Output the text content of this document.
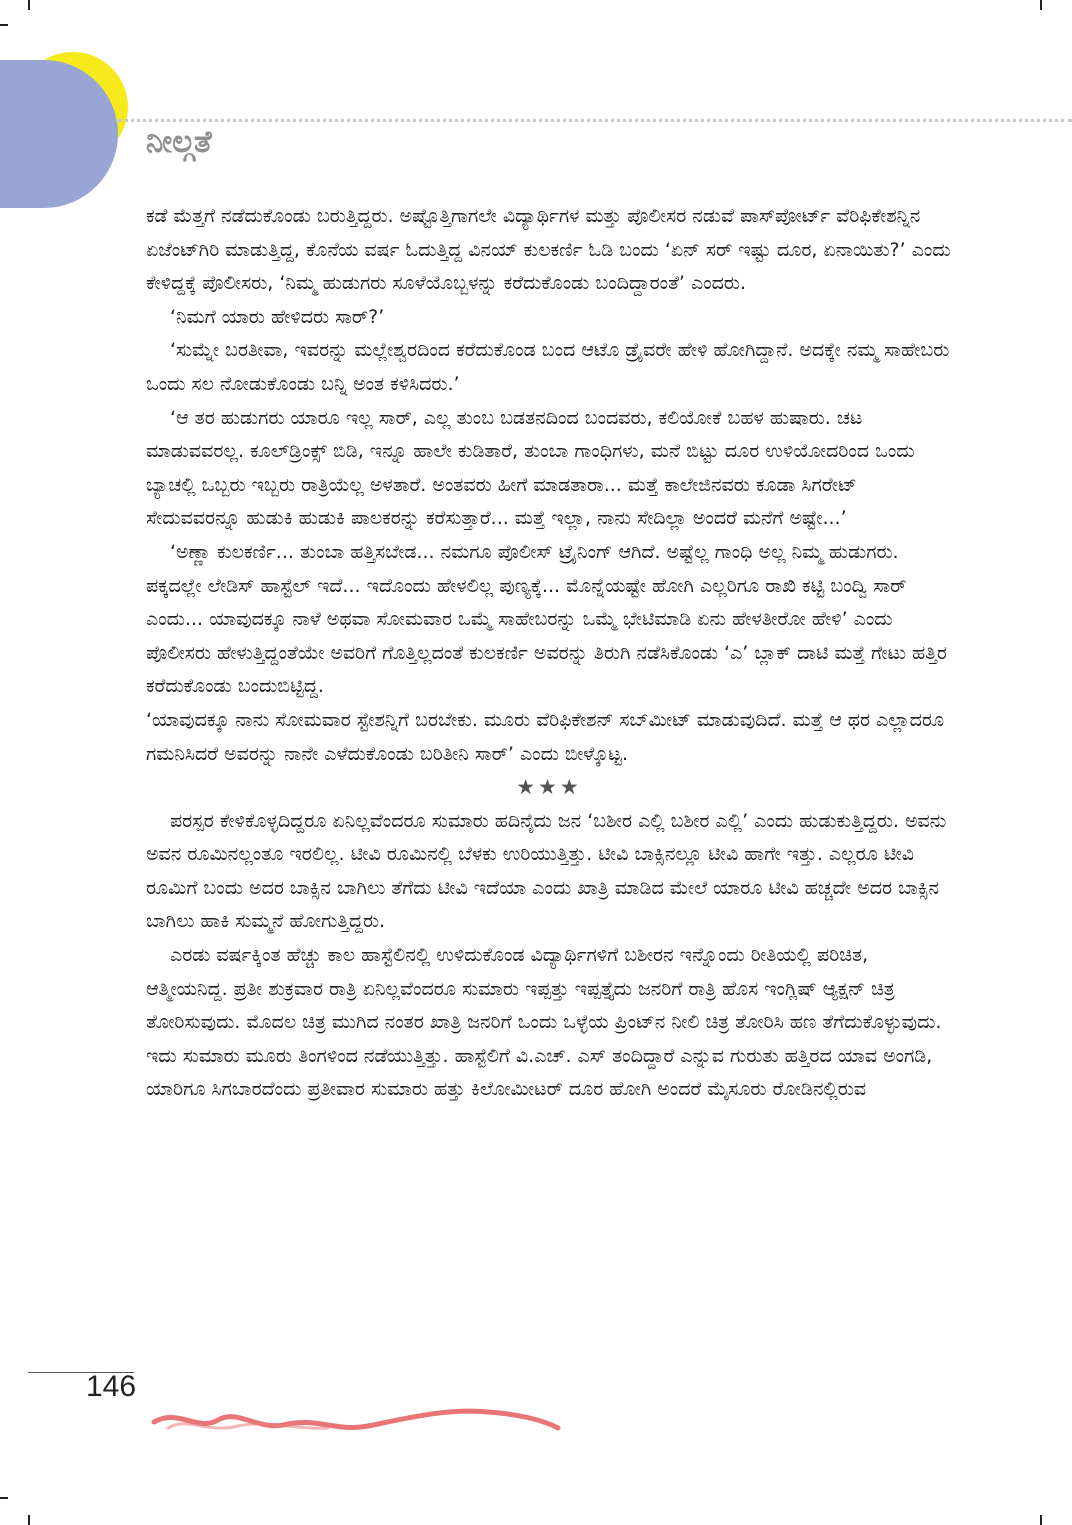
ನೀಲ್ಗತೆ

ಕಡೆ ಮೆತ್ತಗೆ ನಡೆದುಕೊಂಡು ಬರುತ್ತಿದ್ದರು. ಅಷ್ಟೊತ್ತಿಗಾಗಲೇ ವಿದ್ಯಾರ್ಥಿಗಳ ಮತ್ತು ಪೊಲೀಸರ ನಡುವೆ ಪಾಸ್‌ಪೋರ್ಟ್ ವೆರಿಫಿಕೇಶನ್ನಿನ ಏಜೆಂಟ್‌ಗಿರಿ ಮಾಡುತ್ತಿದ್ದ, ಕೊನೆಯ ವರ್ಷ ಓದುತ್ತಿದ್ದ ವಿನಯ್ ಕುಲಕರ್ಣಿ ಓಡಿ ಬಂದು ‘ಏನ್ ಸರ್ ಇಷ್ಟು ದೂರ, ಏನಾಯಿತು?’ ಎಂದು ಕೇಳಿದ್ದಕ್ಕೆ ಪೊಲೀಸರು, ‘ನಿಮ್ಮ ಹುಡುಗರು ಸೂಳೆಯೊಬ್ಬಳನ್ನು ಕರೆದುಕೊಂಡು ಬಂದಿದ್ದಾರಂತೆ’ ಎಂದರು.

‘ನಿಮಗೆ ಯಾರು ಹೇಳಿದರು ಸಾರ್?’

‘ಸುಮ್ನೇ ಬರತೀವಾ, ಇವರನ್ನು ಮಲ್ಲೇಶ್ವರದಿಂದ ಕರೆದುಕೊಂಡ ಬಂದ ಆಟೊ ಡ್ರೈವರೇ ಹೇಳಿ ಹೋಗಿದ್ದಾನೆ. ಅದಕ್ಕೇ ನಮ್ಮ ಸಾಹೇಬರು ಒಂದು ಸಲ ನೋಡುಕೊಂಡು ಬನ್ನಿ ಅಂತ ಕಳಿಸಿದರು.’

‘ಆ ತರ ಹುಡುಗರು ಯಾರೂ ಇಲ್ಲ ಸಾರ್, ಎಲ್ಲ ತುಂಬ ಬಡತನದಿಂದ ಬಂದವರು, ಕಲಿಯೋಕೆ ಬಹಳ ಹುಷಾರು. ಚಟ ಮಾಡುವವರಲ್ಲ. ಕೂಲ್‌ಡ್ರಿಂಕ್ಸ್ ಬಿಡಿ, ಇನ್ನೂ ಹಾಲೇ ಕುಡಿತಾರೆ, ತುಂಬಾ ಗಾಂಧಿಗಳು, ಮನೆ ಬಿಟ್ಟು ದೂರ ಉಳಿಯೋದರಿಂದ ಒಂದು ಬ್ಯಾಚಲ್ಲಿ ಒಬ್ಬರು ಇಬ್ಬರು ರಾತ್ರಿಯೆಲ್ಲ ಅಳತಾರೆ. ಅಂತವರು ಹೀಗೆ ಮಾಡತಾರಾ... ಮತ್ತೆ ಕಾಲೇಜಿನವರು ಕೂಡಾ ಸಿಗರೇಟ್ ಸೇದುವವರನ್ನೂ ಹುಡುಕಿ ಹುಡುಕಿ ಪಾಲಕರನ್ನು ಕರೆಸುತ್ತಾರೆ... ಮತ್ತೆ ಇಲ್ಲಾ, ನಾನು ಸೇದಿಲ್ಲಾ ಅಂದರೆ ಮನೆಗೆ ಅಷ್ಟೇ...’

‘ಅಣ್ಣಾ ಕುಲಕರ್ಣಿ... ತುಂಬಾ ಹತ್ತಿಸಬೇಡ... ನಮಗೂ ಪೊಲೀಸ್ ಟ್ರೈನಿಂಗ್ ಆಗಿದೆ. ಅಷ್ಟೆಲ್ಲ ಗಾಂಧಿ ಅಲ್ಲ ನಿಮ್ಮ ಹುಡುಗರು. ಪಕ್ಕದಲ್ಲೇ ಲೇಡಿಸ್ ಹಾಸ್ಟೆಲ್ ಇದೆ... ಇದೊಂದು ಹೇಳಲಿಲ್ಲ ಪುಣ್ಯಕ್ಕೆ... ಮೊನ್ನೆಯಷ್ಟೇ ಹೋಗಿ ಎಲ್ಲರಿಗೂ ರಾಖಿ ಕಟ್ಟಿ ಬಂದ್ವಿ ಸಾರ್ ಎಂದು... ಯಾವುದಕ್ಕೂ ನಾಳೆ ಅಥವಾ ಸೋಮವಾರ ಒಮ್ಮೆ ಸಾಹೇಬರನ್ನು ಒಮ್ಮೆ ಭೇಟಿಮಾಡಿ ಏನು ಹೇಳತೀರೋ ಹೇಳಿ’ ಎಂದು ಪೊಲೀಸರು ಹೇಳುತ್ತಿದ್ದಂತೆಯೇ ಅವರಿಗೆ ಗೊತ್ತಿಲ್ಲದಂತೆ ಕುಲಕರ್ಣಿ ಅವರನ್ನು ತಿರುಗಿ ನಡೆಸಿಕೊಂಡು ‘ಎ’ ಬ್ಲಾಕ್ ದಾಟಿ ಮತ್ತೆ ಗೇಟು ಹತ್ತಿರ ಕರೆದುಕೊಂಡು ಬಂದುಬಿಟ್ಟಿದ್ದ.

‘ಯಾವುದಕ್ಕೂ ನಾನು ಸೋಮವಾರ ಸ್ಟೇಶನ್ನಿಗೆ ಬರಬೇಕು. ಮೂರು ವೆರಿಫಿಕೇಶನ್ ಸಬ್‌ಮೀಟ್ ಮಾಡುವುದಿದೆ. ಮತ್ತೆ ಆ ಥರ ಎಲ್ಲಾದರೂ ಗಮನಿಸಿದರೆ ಅವರನ್ನು ನಾನೇ ಎಳೆದುಕೊಂಡು ಬರಿತೀನಿ ಸಾರ್’ ಎಂದು ಬೀಳ್ಕೊಟ್ಟ.

★★★

ಪರಸ್ಪರ ಕೇಳಿಕೊಳ್ಳದಿದ್ದರೂ ಏನಿಲ್ಲವೆಂದರೂ ಸುಮಾರು ಹದಿನೈದು ಜನ ‘ಬಶೀರ ಎಲ್ಲಿ ಬಶೀರ ಎಲ್ಲಿ’ ಎಂದು ಹುಡುಕುತ್ತಿದ್ದರು. ಅವನು ಅವನ ರೂಮಿನಲ್ಲಂತೂ ಇರಲಿಲ್ಲ. ಟೀವಿ ರೂಮಿನಲ್ಲಿ ಬೆಳಕು ಉರಿಯುತ್ತಿತ್ತು. ಟೀವಿ ಬಾಕ್ಸಿನಲ್ಲೂ ಟೀವಿ ಹಾಗೇ ಇತ್ತು. ಎಲ್ಲರೂ ಟೀವಿ ರೂಮಿಗೆ ಬಂದು ಅದರ ಬಾಕ್ಸಿನ ಬಾಗಿಲು ತೆಗೆದು ಟೀವಿ ಇದೆಯಾ ಎಂದು ಖಾತ್ರಿ ಮಾಡಿದ ಮೇಲೆ ಯಾರೂ ಟೀವಿ ಹಚ್ಚದೇ ಅದರ ಬಾಕ್ಸಿನ ಬಾಗಿಲು ಹಾಕಿ ಸುಮ್ಮನೆ ಹೋಗುತ್ತಿದ್ದರು.

ಎರಡು ವರ್ಷಕ್ಕಿಂತ ಹೆಚ್ಚು ಕಾಲ ಹಾಸ್ಟೆಲಿನಲ್ಲಿ ಉಳಿದುಕೊಂಡ ವಿದ್ಯಾರ್ಥಿಗಳಿಗೆ ಬಶೀರನ ಇನ್ನೊಂದು ರೀತಿಯಲ್ಲಿ ಪರಿಚಿತ, ಆತ್ಮೀಯನಿದ್ದ. ಪ್ರತೀ ಶುಕ್ರವಾರ ರಾತ್ರಿ ಏನಿಲ್ಲವೆಂದರೂ ಸುಮಾರು ಇಪ್ಪತ್ತು ಇಪ್ಪತ್ತೈದು ಜನರಿಗೆ ರಾತ್ರಿ ಹೊಸ ಇಂಗ್ಲಿಷ್ ಆ್ಯಕ್ಷನ್ ಚಿತ್ರ ತೋರಿಸುವುದು. ಮೊದಲ ಚಿತ್ರ ಮುಗಿದ ನಂತರ ಖಾತ್ರಿ ಜನರಿಗೆ ಒಂದು ಒಳ್ಳೆಯ ಪ್ರಿಂಟ್‌ನ ನೀಲಿ ಚಿತ್ರ ತೋರಿಸಿ ಹಣ ತೆಗೆದುಕೊಳ್ಳುವುದು. ಇದು ಸುಮಾರು ಮೂರು ತಿಂಗಳಿಂದ ನಡೆಯುತ್ತಿತ್ತು. ಹಾಸ್ಟೆಲಿಗೆ ವಿ.ಎಚ್. ಎಸ್ ತಂದಿದ್ದಾರೆ ಎನ್ನುವ ಗುರುತು ಹತ್ತಿರದ ಯಾವ ಅಂಗಡಿ, ಯಾರಿಗೂ ಸಿಗಬಾರದೆಂದು ಪ್ರತೀವಾರ ಸುಮಾರು ಹತ್ತು ಕಿಲೋಮೀಟರ್ ದೂರ ಹೋಗಿ ಅಂದರೆ ಮೈಸೂರು ರೋಡಿನಲ್ಲಿರುವ

146
